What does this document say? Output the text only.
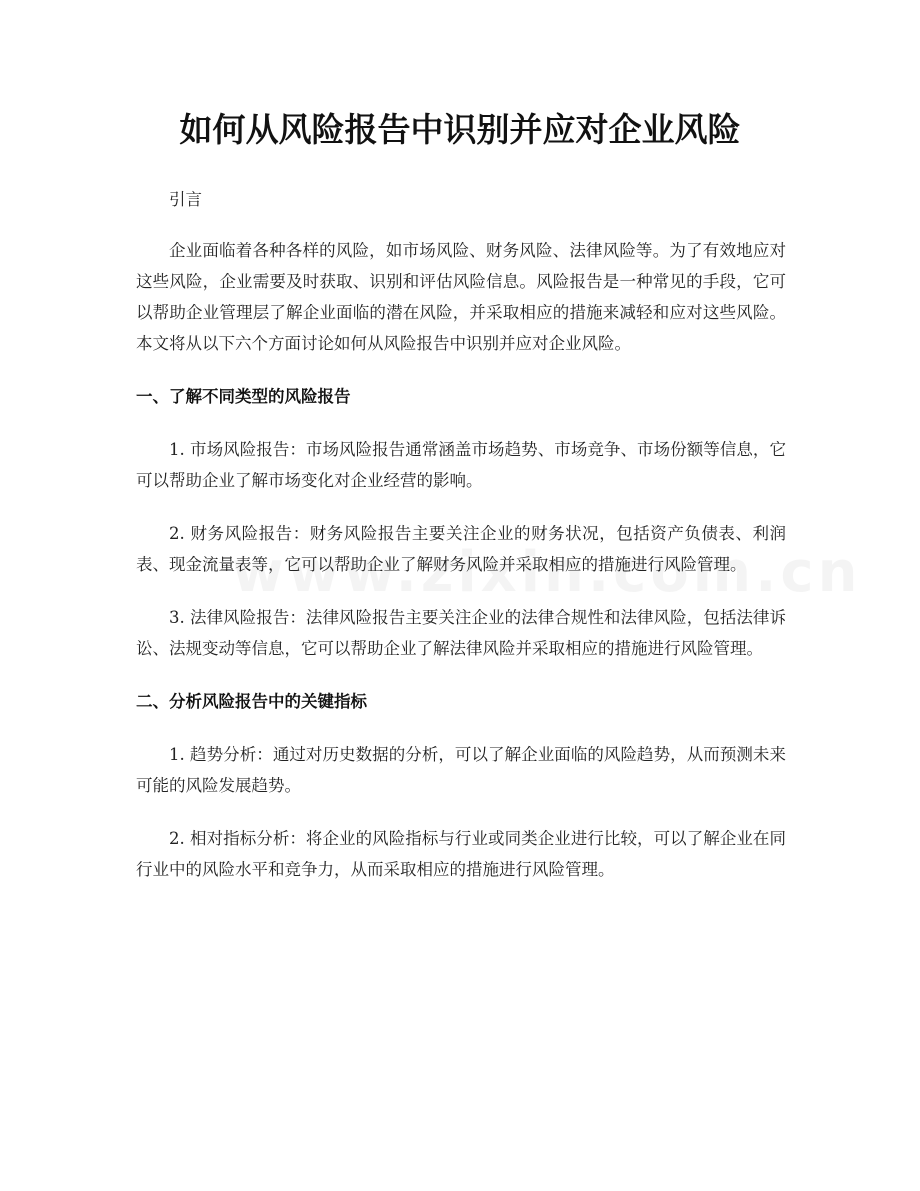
如何从风险报告中识别并应对企业风险

引言

企业面临着各种各样的风险，如市场风险、财务风险、法律风险等。为了有效地应对这些风险，企业需要及时获取、识别和评估风险信息。风险报告是一种常见的手段，它可以帮助企业管理层了解企业面临的潜在风险，并采取相应的措施来减轻和应对这些风险。本文将从以下六个方面讨论如何从风险报告中识别并应对企业风险。

一、了解不同类型的风险报告

1. 市场风险报告：市场风险报告通常涵盖市场趋势、市场竞争、市场份额等信息，它可以帮助企业了解市场变化对企业经营的影响。

2. 财务风险报告：财务风险报告主要关注企业的财务状况，包括资产负债表、利润表、现金流量表等，它可以帮助企业了解财务风险并采取相应的措施进行风险管理。

3. 法律风险报告：法律风险报告主要关注企业的法律合规性和法律风险，包括法律诉讼、法规变动等信息，它可以帮助企业了解法律风险并采取相应的措施进行风险管理。

二、分析风险报告中的关键指标

1. 趋势分析：通过对历史数据的分析，可以了解企业面临的风险趋势，从而预测未来可能的风险发展趋势。

2. 相对指标分析：将企业的风险指标与行业或同类企业进行比较，可以了解企业在同行业中的风险水平和竞争力，从而采取相应的措施进行风险管理。
